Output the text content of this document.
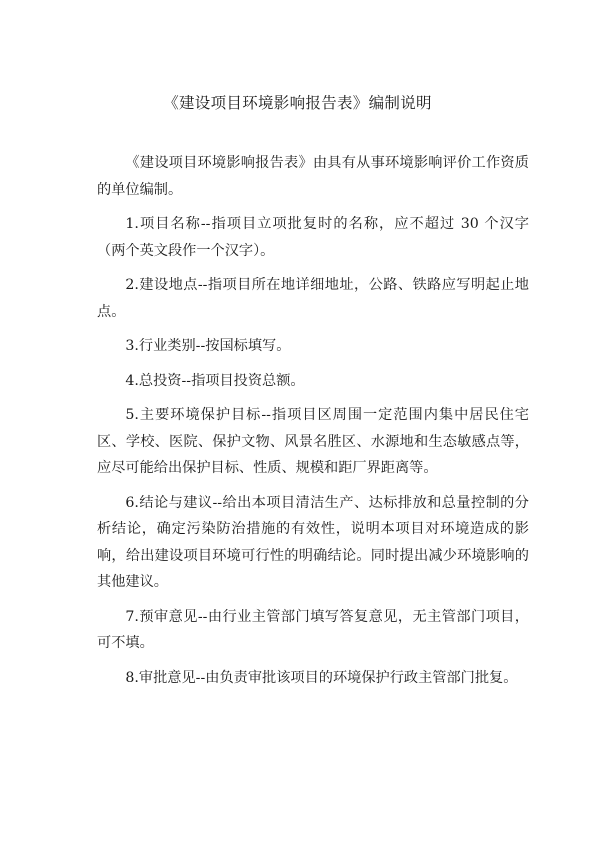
《建设项目环境影响报告表》编制说明

《建设项目环境影响报告表》由具有从事环境影响评价工作资质的单位编制。

1.项目名称--指项目立项批复时的名称，应不超过 30 个汉字（两个英文段作一个汉字）。

2.建设地点--指项目所在地详细地址，公路、铁路应写明起止地点。

3.行业类别--按国标填写。

4.总投资--指项目投资总额。

5.主要环境保护目标--指项目区周围一定范围内集中居民住宅区、学校、医院、保护文物、风景名胜区、水源地和生态敏感点等，应尽可能给出保护目标、性质、规模和距厂界距离等。

6.结论与建议--给出本项目清洁生产、达标排放和总量控制的分析结论，确定污染防治措施的有效性，说明本项目对环境造成的影响，给出建设项目环境可行性的明确结论。同时提出减少环境影响的其他建议。

7.预审意见--由行业主管部门填写答复意见，无主管部门项目，可不填。

8.审批意见--由负责审批该项目的环境保护行政主管部门批复。
